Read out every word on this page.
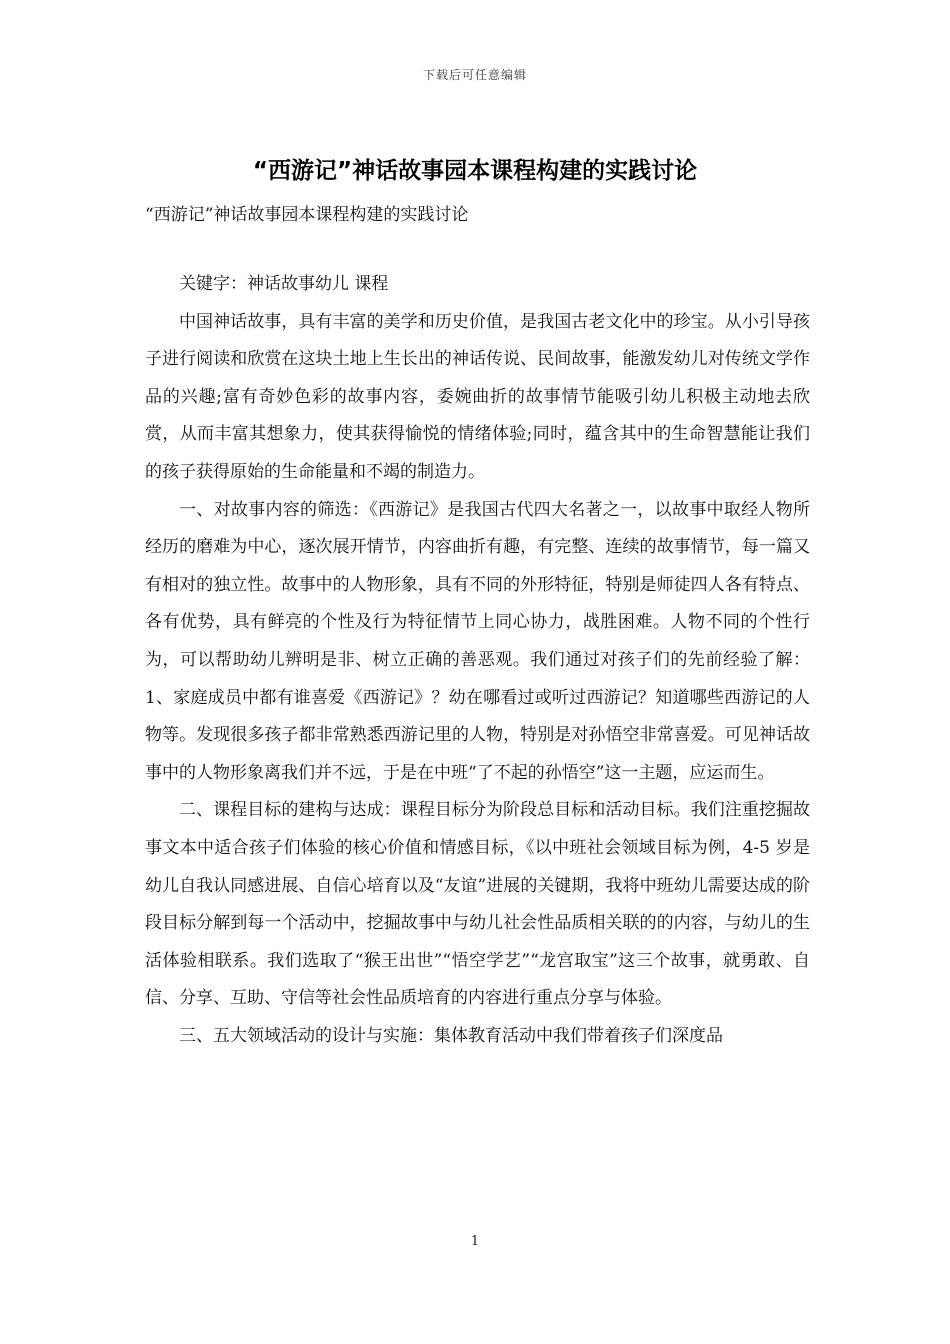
下载后可任意编辑
“西游记”神话故事园本课程构建的实践讨论
“西游记”神话故事园本课程构建的实践讨论

关键字：神话故事幼儿 课程

中国神话故事，具有丰富的美学和历史价值，是我国古老文化中的珍宝。从小引导孩子进行阅读和欣赏在这块土地上生长出的神话传说、民间故事，能激发幼儿对传统文学作品的兴趣;富有奇妙色彩的故事内容，委婉曲折的故事情节能吸引幼儿积极主动地去欣赏，从而丰富其想象力，使其获得愉悦的情绪体验;同时，蕴含其中的生命智慧能让我们的孩子获得原始的生命能量和不竭的制造力。

一、对故事内容的筛选：《西游记》是我国古代四大名著之一，以故事中取经人物所经历的磨难为中心，逐次展开情节，内容曲折有趣，有完整、连续的故事情节，每一篇又有相对的独立性。故事中的人物形象，具有不同的外形特征，特别是师徒四人各有特点、各有优势，具有鲜亮的个性及行为特征情节上同心协力，战胜困难。人物不同的个性行为，可以帮助幼儿辨明是非、树立正确的善恶观。我们通过对孩子们的先前经验了解：1、家庭成员中都有谁喜爱《西游记》？幼在哪看过或听过西游记？知道哪些西游记的人物等。发现很多孩子都非常熟悉西游记里的人物，特别是对孙悟空非常喜爱。可见神话故事中的人物形象离我们并不远，于是在中班“了不起的孙悟空”这一主题，应运而生。

二、课程目标的建构与达成：课程目标分为阶段总目标和活动目标。我们注重挖掘故事文本中适合孩子们体验的核心价值和情感目标，《以中班社会领域目标为例，4-5 岁是幼儿自我认同感进展、自信心培育以及“友谊”进展的关键期，我将中班幼儿需要达成的阶段目标分解到每一个活动中，挖掘故事中与幼儿社会性品质相关联的的内容，与幼儿的生活体验相联系。我们选取了“猴王出世”“悟空学艺”“龙宫取宝”这三个故事，就勇敢、自信、分享、互助、守信等社会性品质培育的内容进行重点分享与体验。

三、五大领域活动的设计与实施：集体教育活动中我们带着孩子们深度品

1
